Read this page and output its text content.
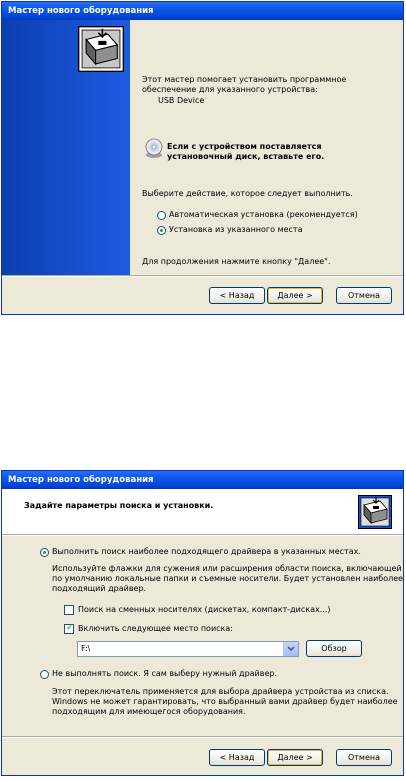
Мастер нового оборудования
Этот мастер помогает установить программное
обеспечение для указанного устройства:
USB Device
Если с устройством поставляется
установочный диск, вставьте его.
Выберите действие, которое следует выполнить.
Автоматическая установка (рекомендуется)
Установка из указанного места
Для продолжения нажмите кнопку "Далее".
< Назад	Далее >	Отмена
Мастер нового оборудования
Задайте параметры поиска и установки.
Выполнить поиск наиболее подходящего драйвера в указанных местах.
Используйте флажки для сужения или расширения области поиска, включающей
по умолчанию локальные папки и съемные носители. Будет установлен наиболее
подходящий драйвер.
Поиск на сменных носителях (дискетах, компакт-дисках...)
✓ Включить следующее место поиска:
F:\	Обзор
Не выполнять поиск. Я сам выберу нужный драйвер.
Этот переключатель применяется для выбора драйвера устройства из списка.
Windows не может гарантировать, что выбранный вами драйвер будет наиболее
подходящим для имеющегося оборудования.
< Назад	Далее >	Отмена
